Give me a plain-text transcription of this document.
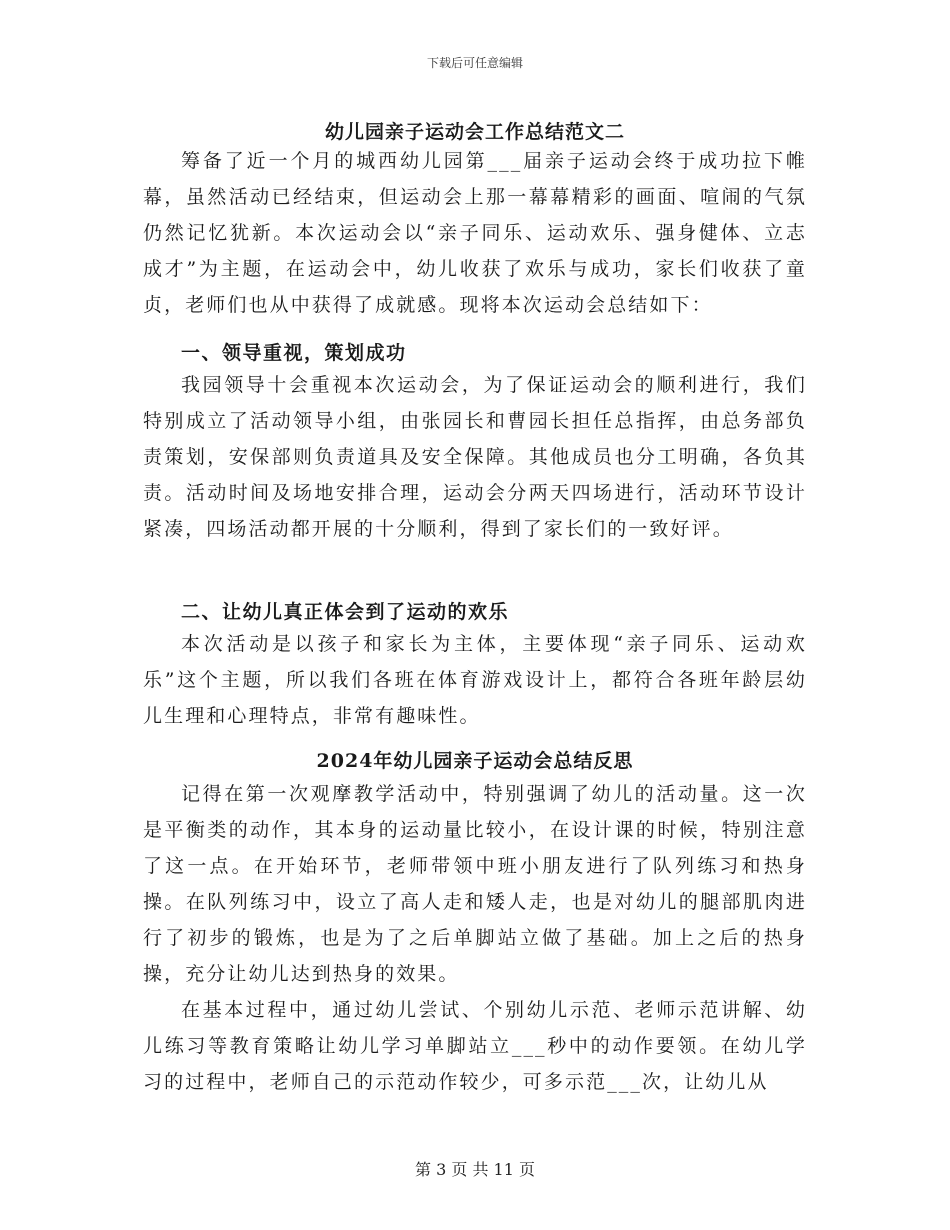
下载后可任意编辑
幼儿园亲子运动会工作总结范文二

筹备了近一个月的城西幼儿园第___届亲子运动会终于成功拉下帷幕，虽然活动已经结束，但运动会上那一幕幕精彩的画面、喧闹的气氛仍然记忆犹新。本次运动会以“亲子同乐、运动欢乐、强身健体、立志成才”为主题，在运动会中，幼儿收获了欢乐与成功，家长们收获了童贞，老师们也从中获得了成就感。现将本次运动会总结如下：

一、领导重视，策划成功

我园领导十会重视本次运动会，为了保证运动会的顺利进行，我们特别成立了活动领导小组，由张园长和曹园长担任总指挥，由总务部负责策划，安保部则负责道具及安全保障。其他成员也分工明确，各负其责。活动时间及场地安排合理，运动会分两天四场进行，活动环节设计紧凑，四场活动都开展的十分顺利，得到了家长们的一致好评。

二、让幼儿真正体会到了运动的欢乐

本次活动是以孩子和家长为主体，主要体现“亲子同乐、运动欢乐”这个主题，所以我们各班在体育游戏设计上，都符合各班年龄层幼儿生理和心理特点，非常有趣味性。

2024年幼儿园亲子运动会总结反思

记得在第一次观摩教学活动中，特别强调了幼儿的活动量。这一次是平衡类的动作，其本身的运动量比较小，在设计课的时候，特别注意了这一点。在开始环节，老师带领中班小朋友进行了队列练习和热身操。在队列练习中，设立了高人走和矮人走，也是对幼儿的腿部肌肉进行了初步的锻炼，也是为了之后单脚站立做了基础。加上之后的热身操，充分让幼儿达到热身的效果。

在基本过程中，通过幼儿尝试、个别幼儿示范、老师示范讲解、幼儿练习等教育策略让幼儿学习单脚站立___秒中的动作要领。在幼儿学习的过程中，老师自己的示范动作较少，可多示范___次，让幼儿从

第 3 页 共 11 页
